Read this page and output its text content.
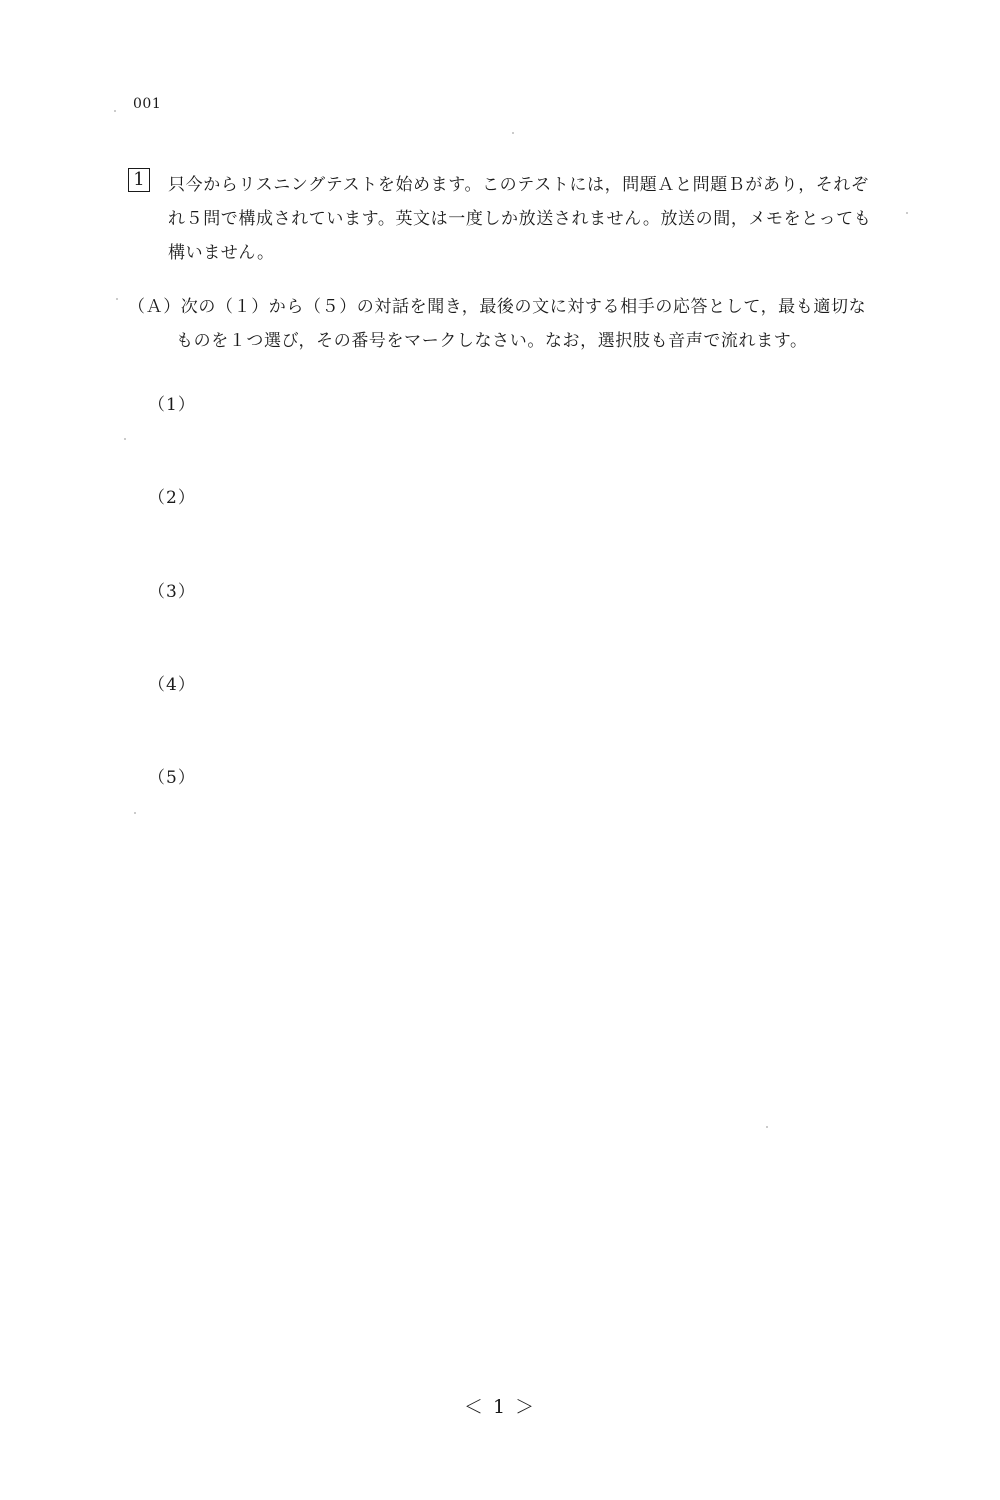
001
1	只今からリスニングテストを始めます。このテストには，問題Ａと問題Ｂがあり，それぞ
れ５問で構成されています。英文は一度しか放送されません。放送の間，メモをとっても
構いません。
（Ａ）次の（１）から（５）の対話を聞き，最後の文に対する相手の応答として，最も適切な
ものを１つ選び，その番号をマークしなさい。なお，選択肢も音声で流れます。
（1）
（2）
（3）
（4）
（5）
＜ 1 ＞
